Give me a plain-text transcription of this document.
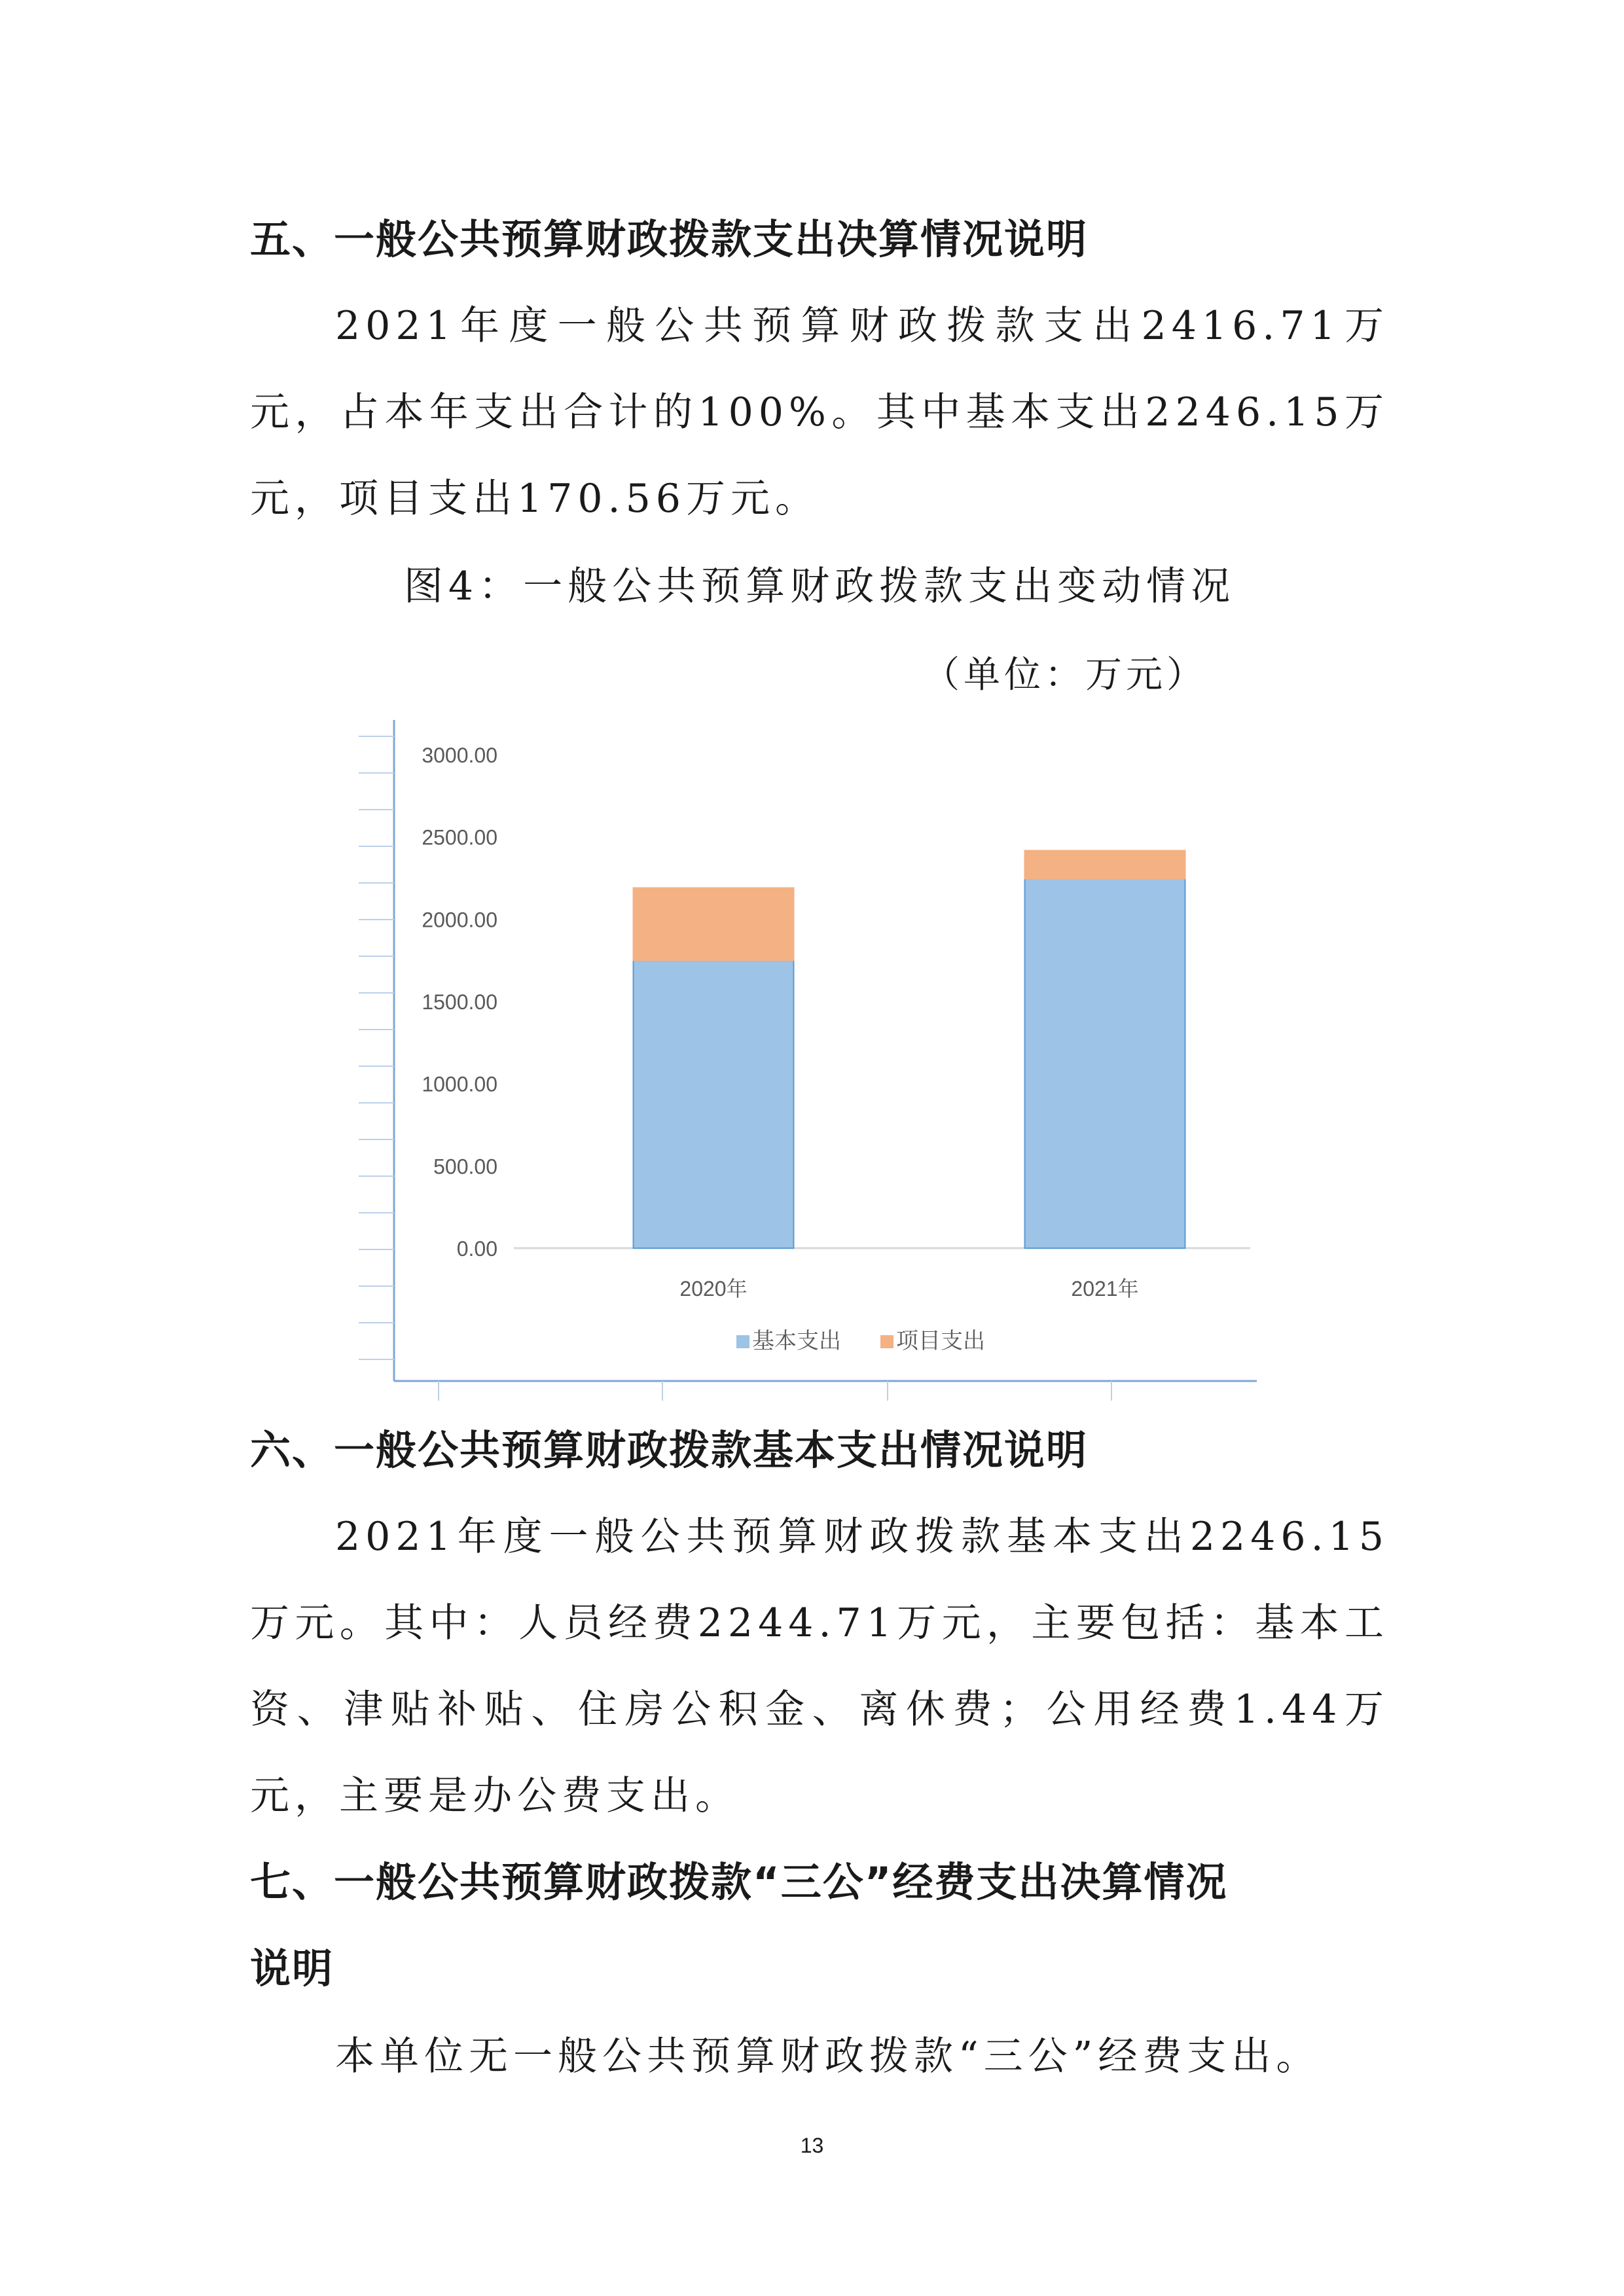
五、一般公共预算财政拨款支出决算情况说明
2021年度一般公共预算财政拨款支出2416.71万元，占本年支出合计的100%。其中基本支出2246.15万元，项目支出170.56万元。
图4：一般公共预算财政拨款支出变动情况
（单位：万元）
0.00
500.00
1000.00
1500.00
2000.00
2500.00
3000.00
2020年	2021年
基本支出 项目支出
六、一般公共预算财政拨款基本支出情况说明
2021年度一般公共预算财政拨款基本支出2246.15万元。其中：人员经费2244.71万元，主要包括：基本工资、津贴补贴、住房公积金、离休费；公用经费1.44万元，主要是办公费支出。
七、一般公共预算财政拨款“三公”经费支出决算情况
说明
本单位无一般公共预算财政拨款“三公”经费支出。
13
